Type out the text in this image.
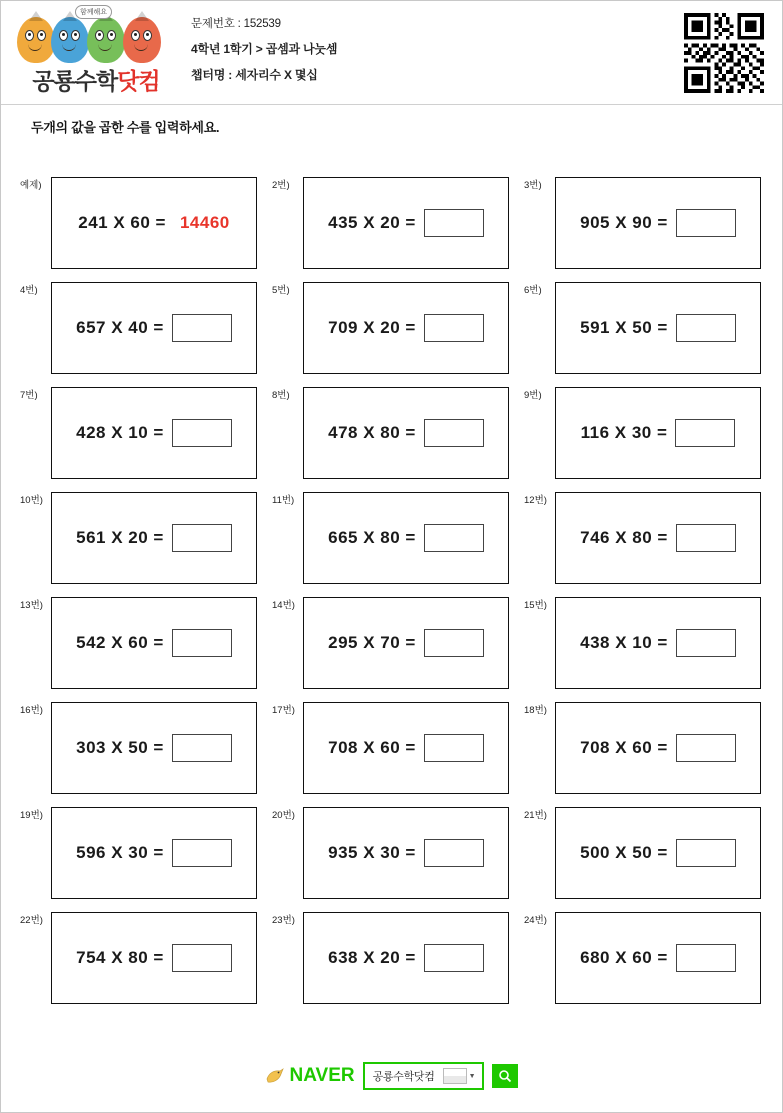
함께해요
공룡수학닷컴
문제번호 : 152539
4학년 1학기 > 곱셈과 나눗셈
챕터명 : 세자리수 X 몇십
두개의 값을 곱한 수를 입력하세요.
예제)
241 X 60 = 14460
2번)
435 X 20 =
3번)
905 X 90 =
4번)
657 X 40 =
5번)
709 X 20 =
6번)
591 X 50 =
7번)
428 X 10 =
8번)
478 X 80 =
9번)
116 X 30 =
10번)
561 X 20 =
11번)
665 X 80 =
12번)
746 X 80 =
13번)
542 X 60 =
14번)
295 X 70 =
15번)
438 X 10 =
16번)
303 X 50 =
17번)
708 X 60 =
18번)
708 X 60 =
19번)
596 X 30 =
20번)
935 X 30 =
21번)
500 X 50 =
22번)
754 X 80 =
23번)
638 X 20 =
24번)
680 X 60 =
NAVER	공룡수학닷컴	▼
